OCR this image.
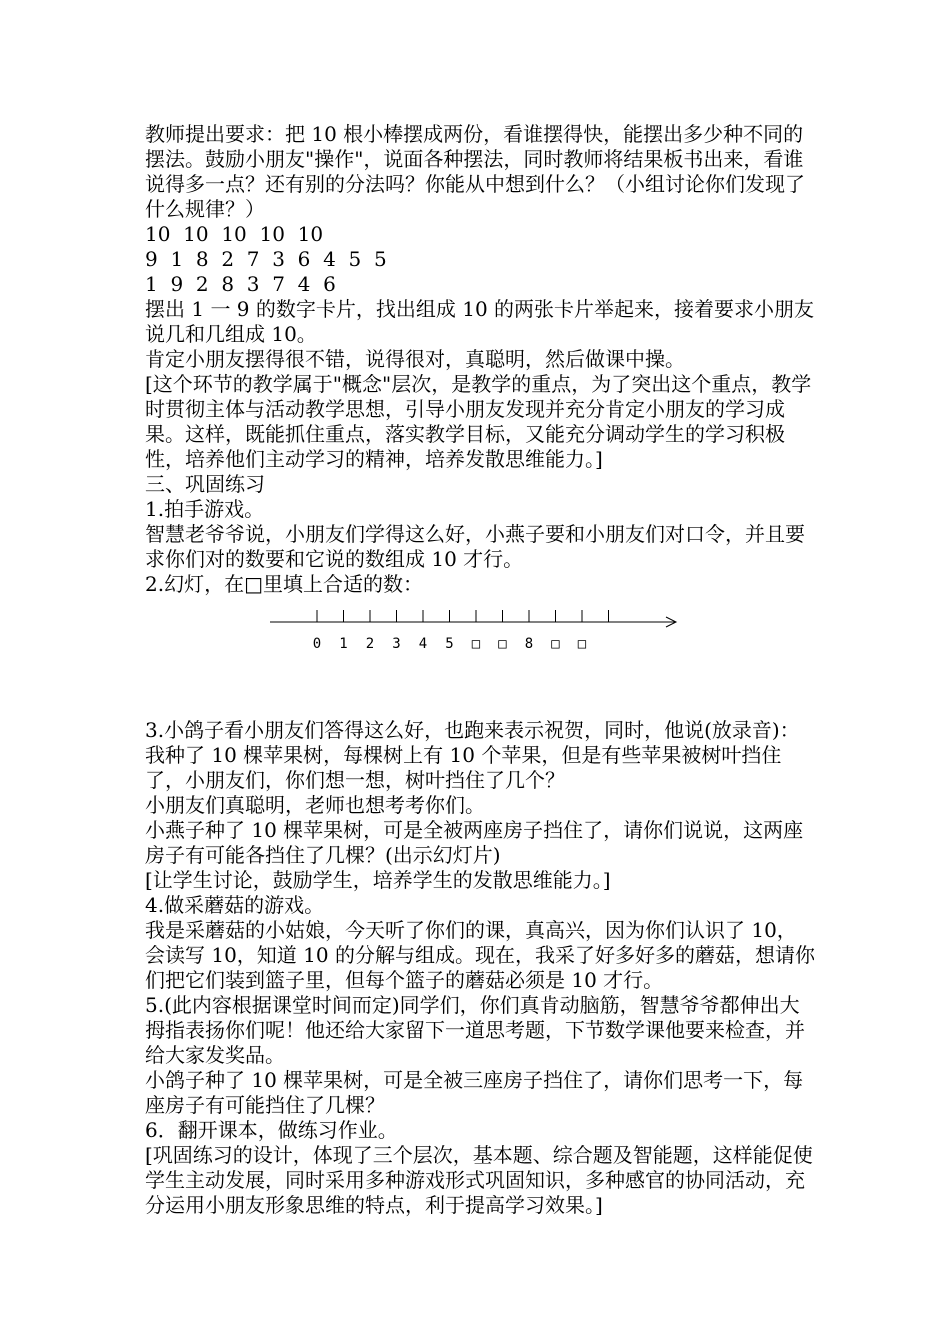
教师提出要求：把 10 根小棒摆成两份，看谁摆得快，能摆出多少种不同的摆法。鼓励小朋友"操作"，说面各种摆法，同时教师将结果板书出来，看谁说得多一点？还有别的分法吗？你能从中想到什么？（小组讨论你们发现了什么规律？）

10  10  10  10  10

9  1  8  2  7  3  6  4  5  5

1  9  2  8  3  7  4  6

摆出 1 一 9 的数字卡片，找出组成 10 的两张卡片举起来，接着要求小朋友说几和几组成 10。

肯定小朋友摆得很不错，说得很对，真聪明，然后做课中操。

[这个环节的教学属于"概念"层次，是教学的重点，为了突出这个重点，教学时贯彻主体与活动教学思想，引导小朋友发现并充分肯定小朋友的学习成果。这样，既能抓住重点，落实教学目标，又能充分调动学生的学习积极性，培养他们主动学习的精神，培养发散思维能力。]

三、巩固练习

1.拍手游戏。

智慧老爷爷说，小朋友们学得这么好，小燕子要和小朋友们对口令，并且要求你们对的数要和它说的数组成 10 才行。

2.幻灯，在□里填上合适的数：

0 1 2 3 4 5 □ □ 8 □ □

3.小鸽子看小朋友们答得这么好，也跑来表示祝贺，同时，他说(放录音)：我种了 10 棵苹果树，每棵树上有 10 个苹果，但是有些苹果被树叶挡住了，小朋友们，你们想一想，树叶挡住了几个？

小朋友们真聪明，老师也想考考你们。

小燕子种了 10 棵苹果树，可是全被两座房子挡住了，请你们说说，这两座房子有可能各挡住了几棵？(出示幻灯片)

[让学生讨论，鼓励学生，培养学生的发散思维能力。]

4.做采蘑菇的游戏。

我是采蘑菇的小姑娘，今天听了你们的课，真高兴，因为你们认识了 10，会读写 10，知道 10 的分解与组成。现在，我采了好多好多的蘑菇，想请你们把它们装到篮子里，但每个篮子的蘑菇必须是 10 才行。

5.(此内容根据课堂时间而定)同学们，你们真肯动脑筋，智慧爷爷都伸出大拇指表扬你们呢！他还给大家留下一道思考题，下节数学课他要来检查，并给大家发奖品。

小鸽子种了 10 棵苹果树，可是全被三座房子挡住了，请你们思考一下，每座房子有可能挡住了几棵？

6．翻开课本，做练习作业。

[巩固练习的设计，体现了三个层次，基本题、综合题及智能题，这样能促使学生主动发展，同时采用多种游戏形式巩固知识，多种感官的协同活动，充分运用小朋友形象思维的特点，利于提高学习效果。]
